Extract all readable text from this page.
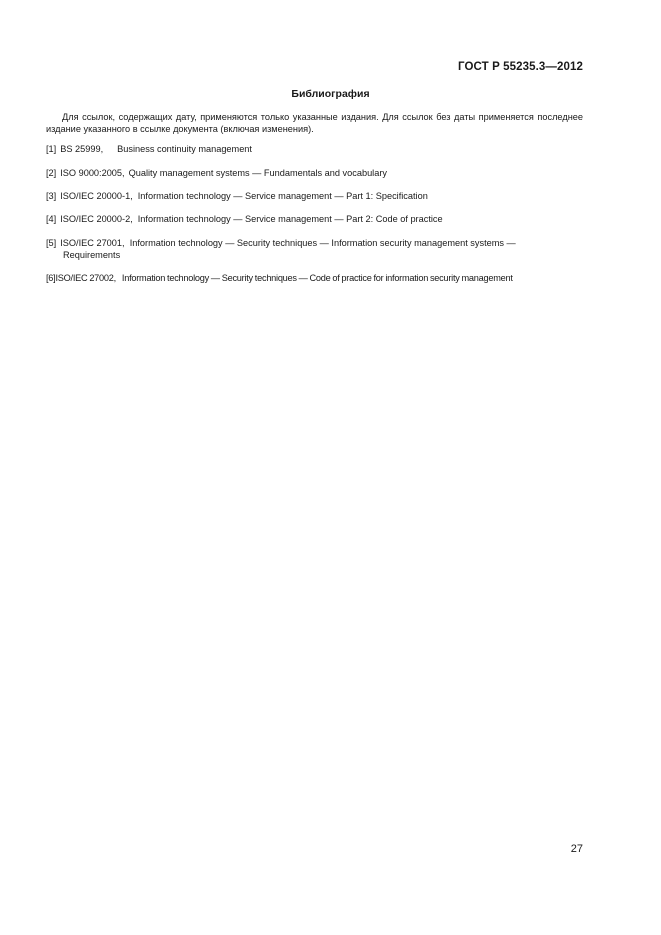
ГОСТ Р 55235.3—2012
Библиография

Для ссылок, содержащих дату, применяются только указанные издания. Для ссылок без даты применяется последнее издание указанного в ссылке документа (включая изменения).

[1] BS 25999, Business continuity management
[2] ISO 9000:2005, Quality management systems — Fundamentals and vocabulary
[3] ISO/IEC 20000-1, Information technology — Service management — Part 1: Specification
[4] ISO/IEC 20000-2, Information technology — Service management — Part 2: Code of practice
[5] ISO/IEC 27001, Information technology — Security techniques — Information security management systems —
Requirements
[6]ISO/IEC 27002, Information technology — Security techniques — Code of practice for information security management
27
